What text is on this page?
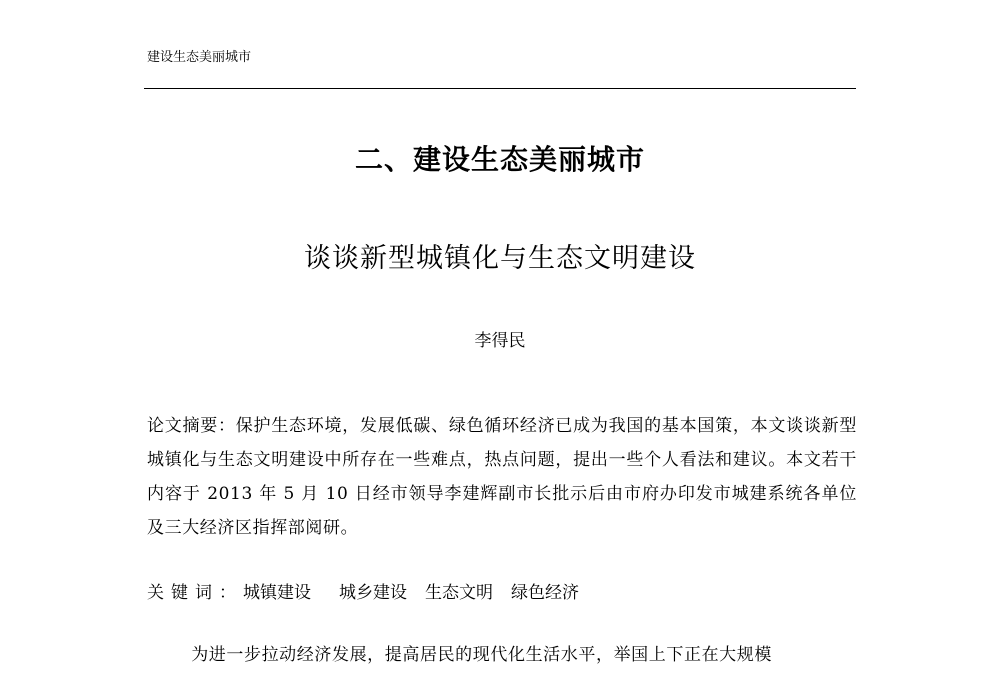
建设生态美丽城市
二、建设生态美丽城市
谈谈新型城镇化与生态文明建设
李得民
论文摘要：保护生态环境，发展低碳、绿色循环经济已成为我国的基本国策，本文谈谈新型城镇化与生态文明建设中所存在一些难点，热点问题，提出一些个人看法和建议。本文若干内容于 2013 年 5 月 10 日经市领导李建辉副市长批示后由市府办印发市城建系统各单位及三大经济区指挥部阅研。
关键词：城镇建设 城乡建设 生态文明 绿色经济
为进一步拉动经济发展，提高居民的现代化生活水平，举国上下正在大规模
